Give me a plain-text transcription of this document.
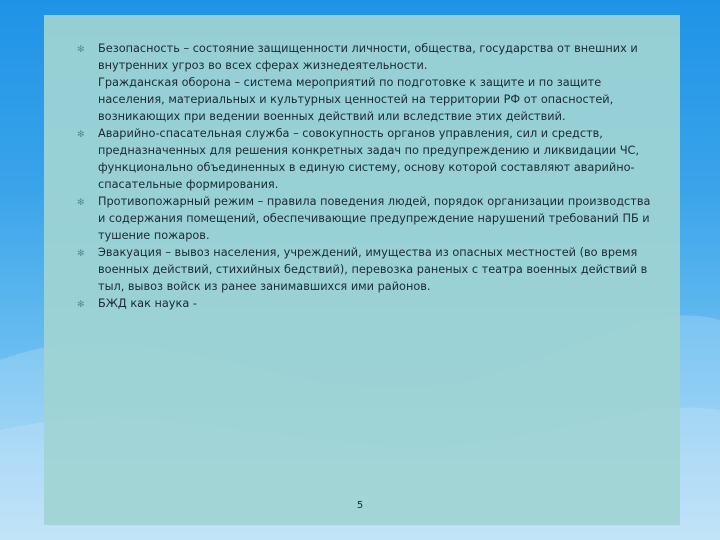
✻ Безопасность – состояние защищенности личности, общества, государства от внешних и внутренних угроз во всех сферах жизнедеятельности.
Гражданская оборона – система мероприятий по подготовке к защите и по защите населения, материальных и культурных ценностей на территории РФ от опасностей, возникающих при ведении военных действий или вследствие этих действий.
✻ Аварийно-спасательная служба – совокупность органов управления, сил и средств, предназначенных для решения конкретных задач по предупреждению и ликвидации ЧС, функционально объединенных в единую систему, основу которой составляют аварийно-спасательные формирования.
✻ Противопожарный режим – правила поведения людей, порядок организации производства и содержания помещений, обеспечивающие предупреждение нарушений требований ПБ и тушение пожаров.
✻ Эвакуация – вывоз населения, учреждений, имущества из опасных местностей (во время военных действий, стихийных бедствий), перевозка раненых с театра военных действий в тыл, вывоз войск из ранее занимавшихся ими районов.
✻ БЖД как наука -
5
